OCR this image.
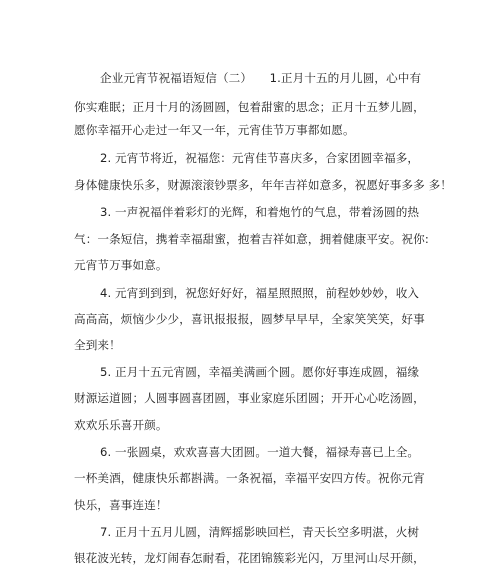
企业元宵节祝福语短信（二）　　1.正月十五的月儿圆，心中有
你实难眠；正月十月的汤圆圆，包着甜蜜的思念；正月十五梦儿圆，
愿你幸福开心走过一年又一年，元宵佳节万事都如愿。
2. 元宵节将近，祝福您：元宵佳节喜庆多，合家团圆幸福多，
身体健康快乐多，财源滚滚钞票多，年年吉祥如意多，祝愿好事多多 多！
3. 一声祝福伴着彩灯的光辉，和着炮竹的气息，带着汤圆的热
气：一条短信，携着幸福甜蜜，抱着吉祥如意，拥着健康平安。祝你:
元宵节万事如意。
4. 元宵到到到，祝您好好好，福星照照照，前程妙妙妙，收入
高高高，烦恼少少少，喜讯报报报，圆梦早早早，全家笑笑笑，好事
全到来！
5. 正月十五元宵圆，幸福美满画个圆。愿你好事连成圆，福缘
财源运道圆；人圆事圆喜团圆，事业家庭乐团圆；开开心心吃汤圆，
欢欢乐乐喜开颜。
6. 一张圆桌，欢欢喜喜大团圆。一道大餐，福禄寿喜已上全。
一杯美酒，健康快乐都斟满。一条祝福，幸福平安四方传。祝你元宵
快乐，喜事连连！
7. 正月十五月儿圆，清辉摇影映回栏，青天长空多明湛，火树
银花波光转，龙灯闹春怎耐看，花团锦簇彩光闪，万里河山尽开颜，
